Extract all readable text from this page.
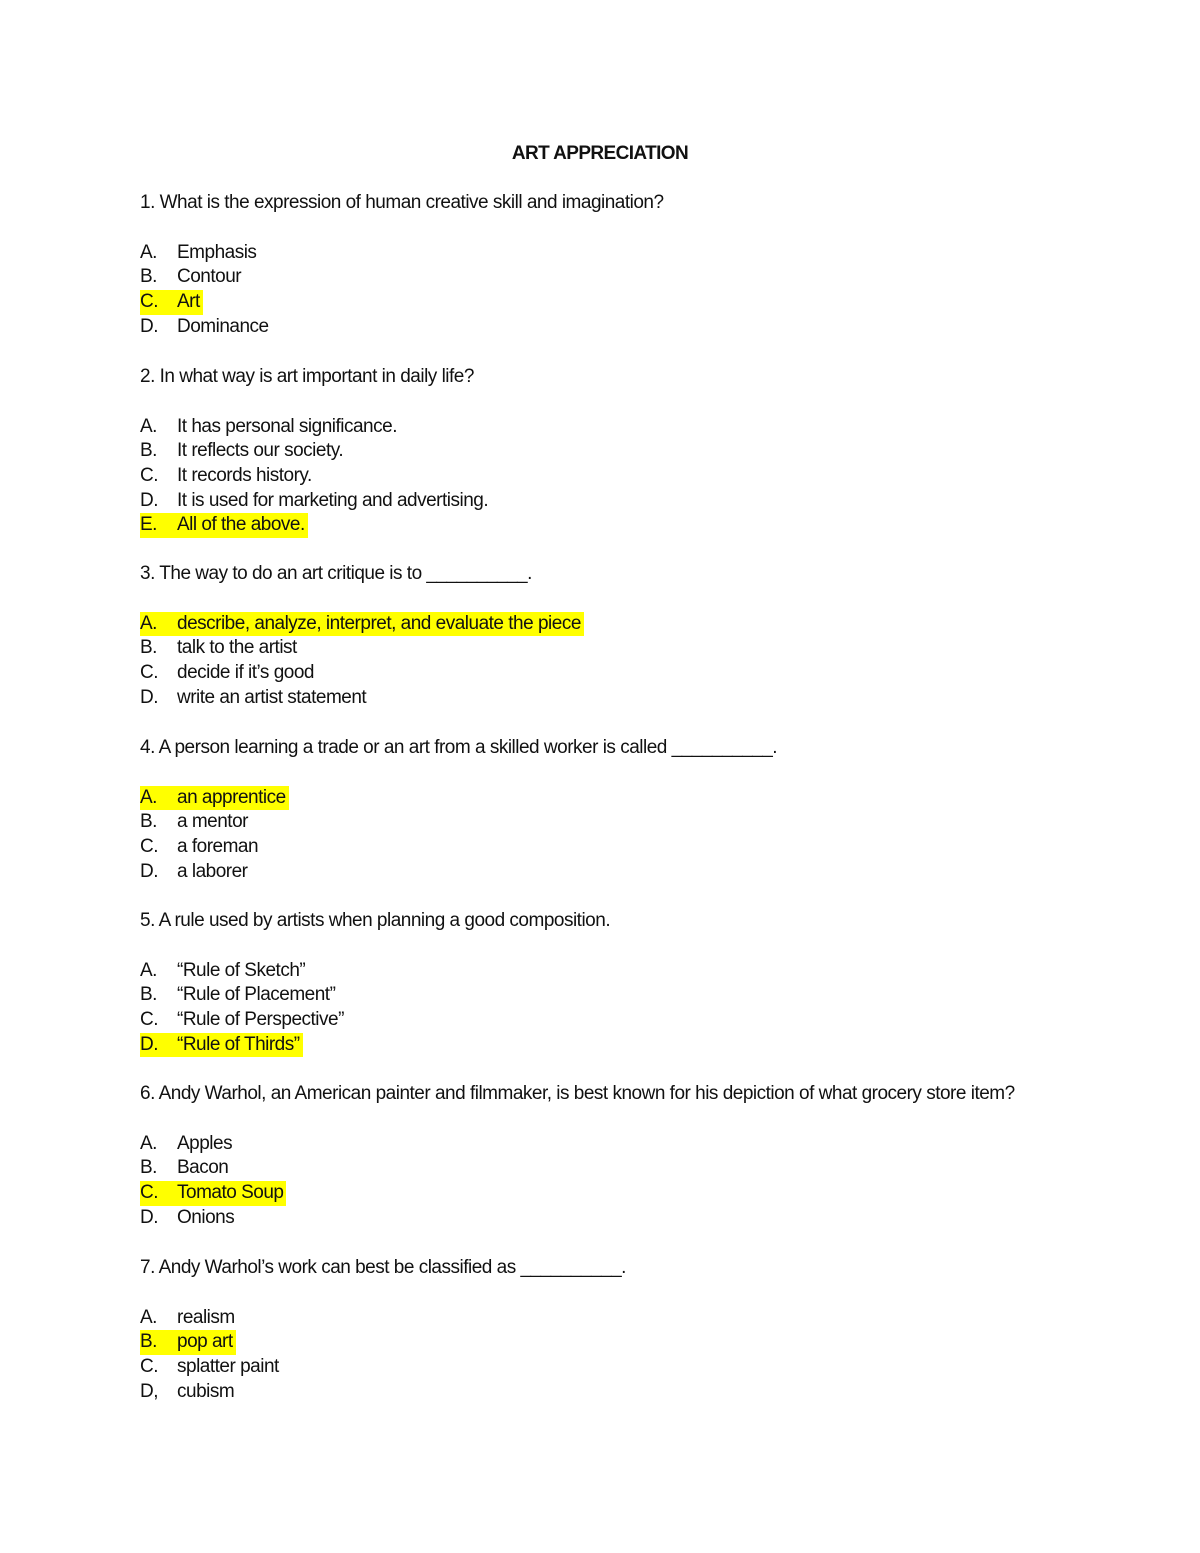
ART APPRECIATION
1. What is the expression of human creative skill and imagination?
A. Emphasis
B. Contour
C. Art
D. Dominance
2. In what way is art important in daily life?
A. It has personal significance.
B. It reflects our society.
C. It records history.
D. It is used for marketing and advertising.
E. All of the above.
3. The way to do an art critique is to __________.
A. describe, analyze, interpret, and evaluate the piece
B. talk to the artist
C. decide if it’s good
D. write an artist statement
4. A person learning a trade or an art from a skilled worker is called __________.
A. an apprentice
B. a mentor
C. a foreman
D. a laborer
5. A rule used by artists when planning a good composition.
A. “Rule of Sketch”
B. “Rule of Placement”
C. “Rule of Perspective”
D. “Rule of Thirds”
6. Andy Warhol, an American painter and filmmaker, is best known for his depiction of what grocery store item?
A. Apples
B. Bacon
C. Tomato Soup
D. Onions
7. Andy Warhol’s work can best be classified as __________.
A. realism
B. pop art
C. splatter paint
D, cubism
